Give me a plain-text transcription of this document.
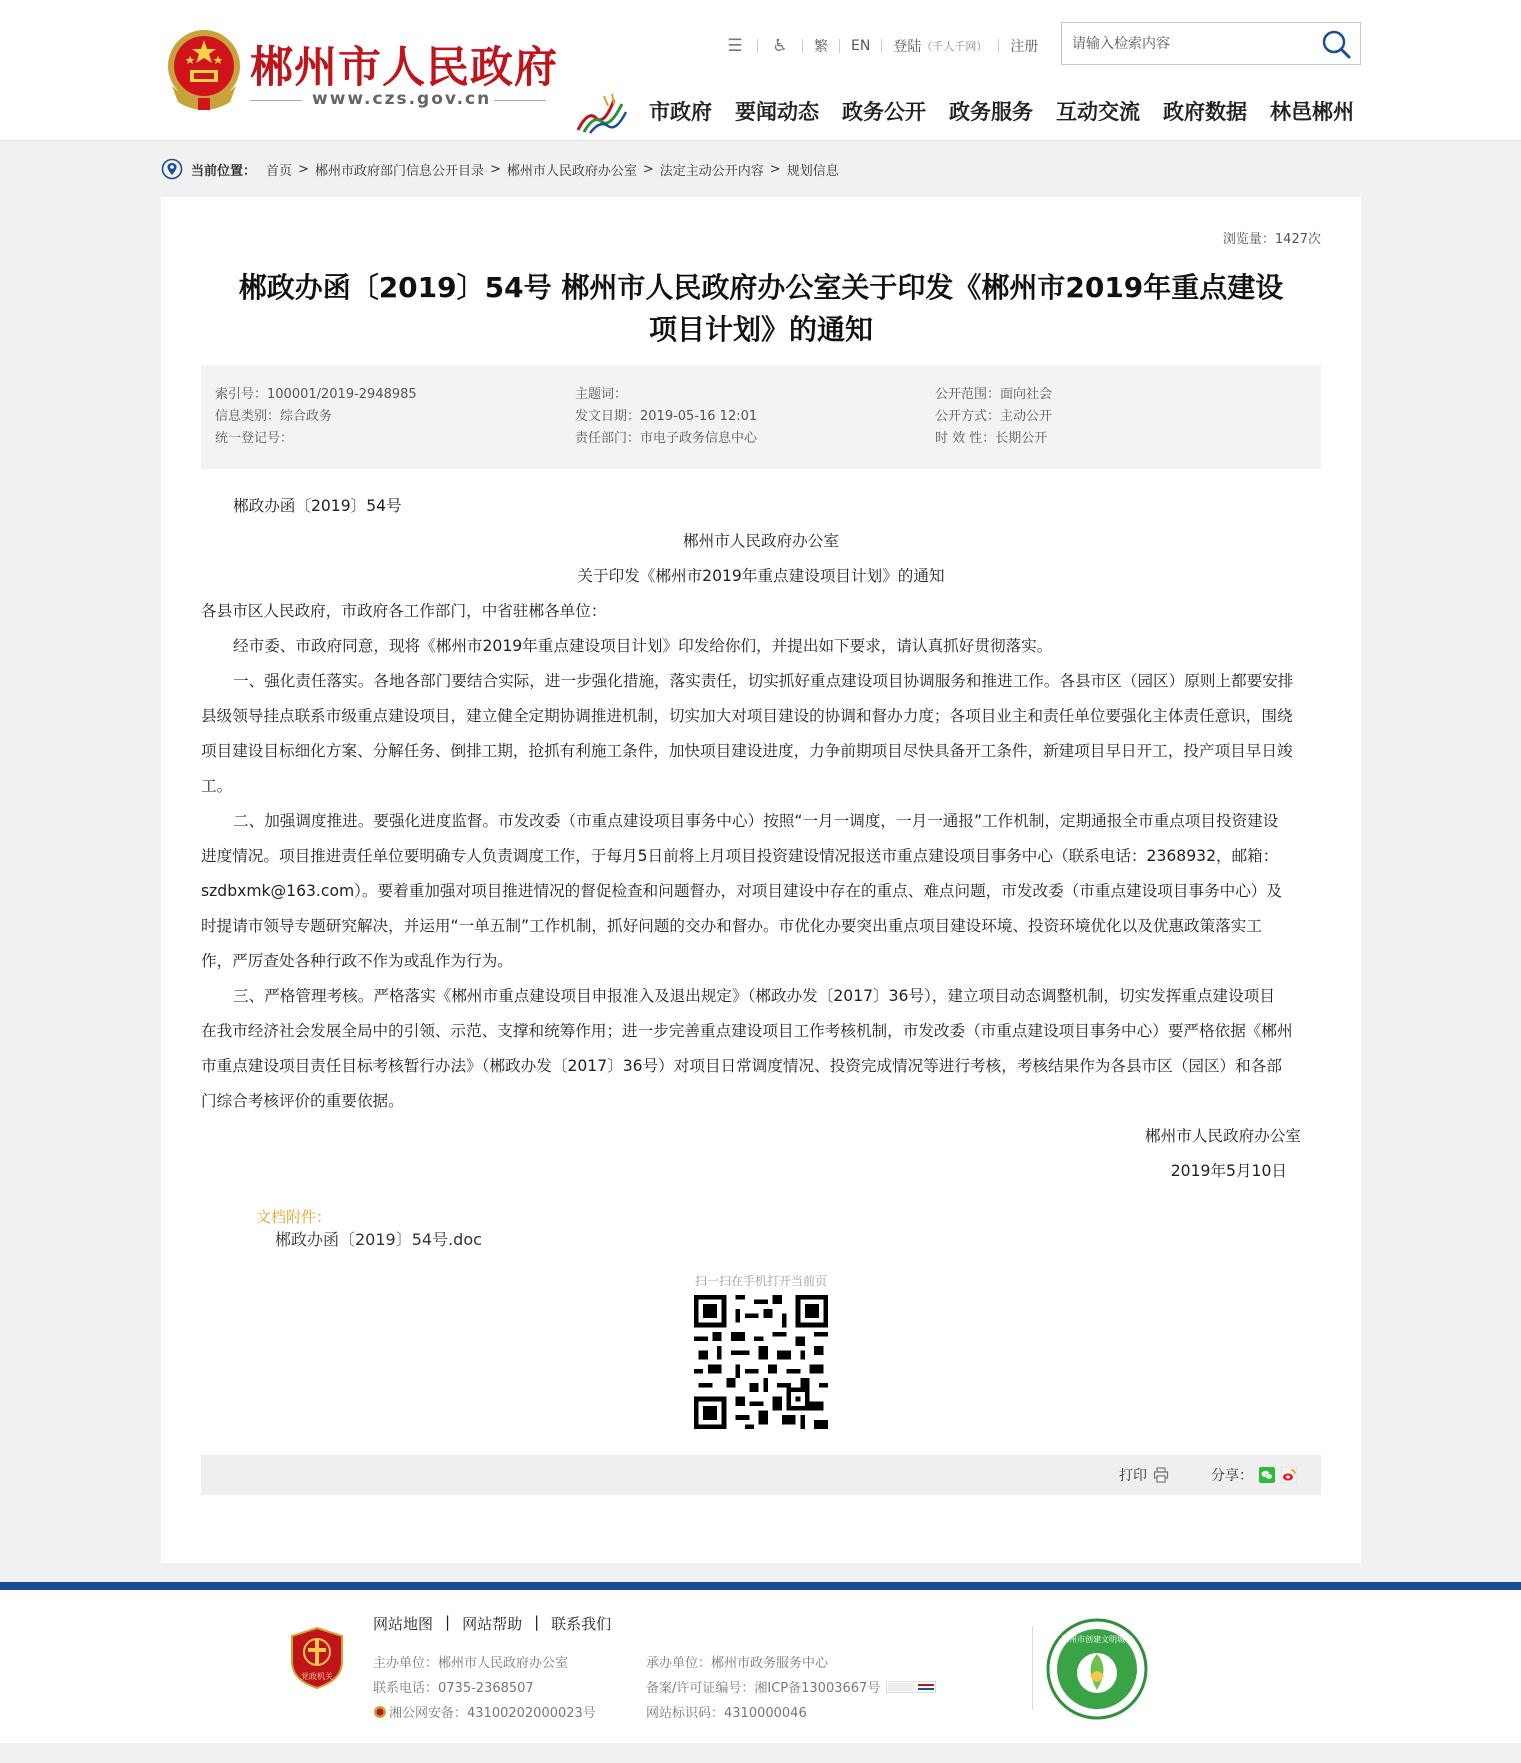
郴州市人民政府
www.czs.gov.cn
☰ ♿ 繁 EN 登陆 （千人千网） 注册
请输入检索内容
市政府 要闻动态 政务公开 政务服务 互动交流 政府数据 林邑郴州
当前位置： 首页 > 郴州市政府部门信息公开目录 > 郴州市人民政府办公室 > 法定主动公开内容 > 规划信息
浏览量：1427次
郴政办函〔2019〕54号 郴州市人民政府办公室关于印发《郴州市2019年重点建设
项目计划》的通知
索引号：100001/2019-2948985
信息类别：综合政务
统一登记号：
主题词：
发文日期：2019-05-16 12:01
责任部门：市电子政务信息中心
公开范围：面向社会
公开方式：主动公开
时 效 性：长期公开

郴政办函〔2019〕54号

郴州市人民政府办公室

关于印发《郴州市2019年重点建设项目计划》的通知

各县市区人民政府，市政府各工作部门，中省驻郴各单位：

经市委、市政府同意，现将《郴州市2019年重点建设项目计划》印发给你们，并提出如下要求，请认真抓好贯彻落实。

一、强化责任落实。各地各部门要结合实际，进一步强化措施，落实责任，切实抓好重点建设项目协调服务和推进工作。各县市区（园区）原则上都要安排

县级领导挂点联系市级重点建设项目，建立健全定期协调推进机制，切实加大对项目建设的协调和督办力度；各项目业主和责任单位要强化主体责任意识，围绕

项目建设目标细化方案、分解任务、倒排工期，抢抓有利施工条件，加快项目建设进度，力争前期项目尽快具备开工条件，新建项目早日开工，投产项目早日竣

工。

二、加强调度推进。要强化进度监督。市发改委（市重点建设项目事务中心）按照“一月一调度，一月一通报”工作机制，定期通报全市重点项目投资建设

进度情况。项目推进责任单位要明确专人负责调度工作，于每月5日前将上月项目投资建设情况报送市重点建设项目事务中心（联系电话：2368932，邮箱：

szdbxmk@163.com）。要着重加强对项目推进情况的督促检查和问题督办，对项目建设中存在的重点、难点问题，市发改委（市重点建设项目事务中心）及

时提请市领导专题研究解决，并运用“一单五制”工作机制，抓好问题的交办和督办。市优化办要突出重点项目建设环境、投资环境优化以及优惠政策落实工

作，严厉查处各种行政不作为或乱作为行为。

三、严格管理考核。严格落实《郴州市重点建设项目申报准入及退出规定》（郴政办发〔2017〕36号），建立项目动态调整机制，切实发挥重点建设项目

在我市经济社会发展全局中的引领、示范、支撑和统筹作用；进一步完善重点建设项目工作考核机制，市发改委（市重点建设项目事务中心）要严格依据《郴州

市重点建设项目责任目标考核暂行办法》（郴政办发〔2017〕36号）对项目日常调度情况、投资完成情况等进行考核，考核结果作为各县市区（园区）和各部

门综合考核评价的重要依据。

郴州市人民政府办公室

2019年5月10日

文档附件：
郴政办函〔2019〕54号.doc
扫一扫在手机打开当前页
打印	分享：
党政机关
网站地图 | 网站帮助 | 联系我们
主办单位：郴州市人民政府办公室
联系电话：0735-2368507
湘公网安备：43100202000023号
承办单位：郴州市政务服务中心
备案/许可证编号：湘ICP备13003667号
网站标识码：4310000046
郴州市创建文明城市
